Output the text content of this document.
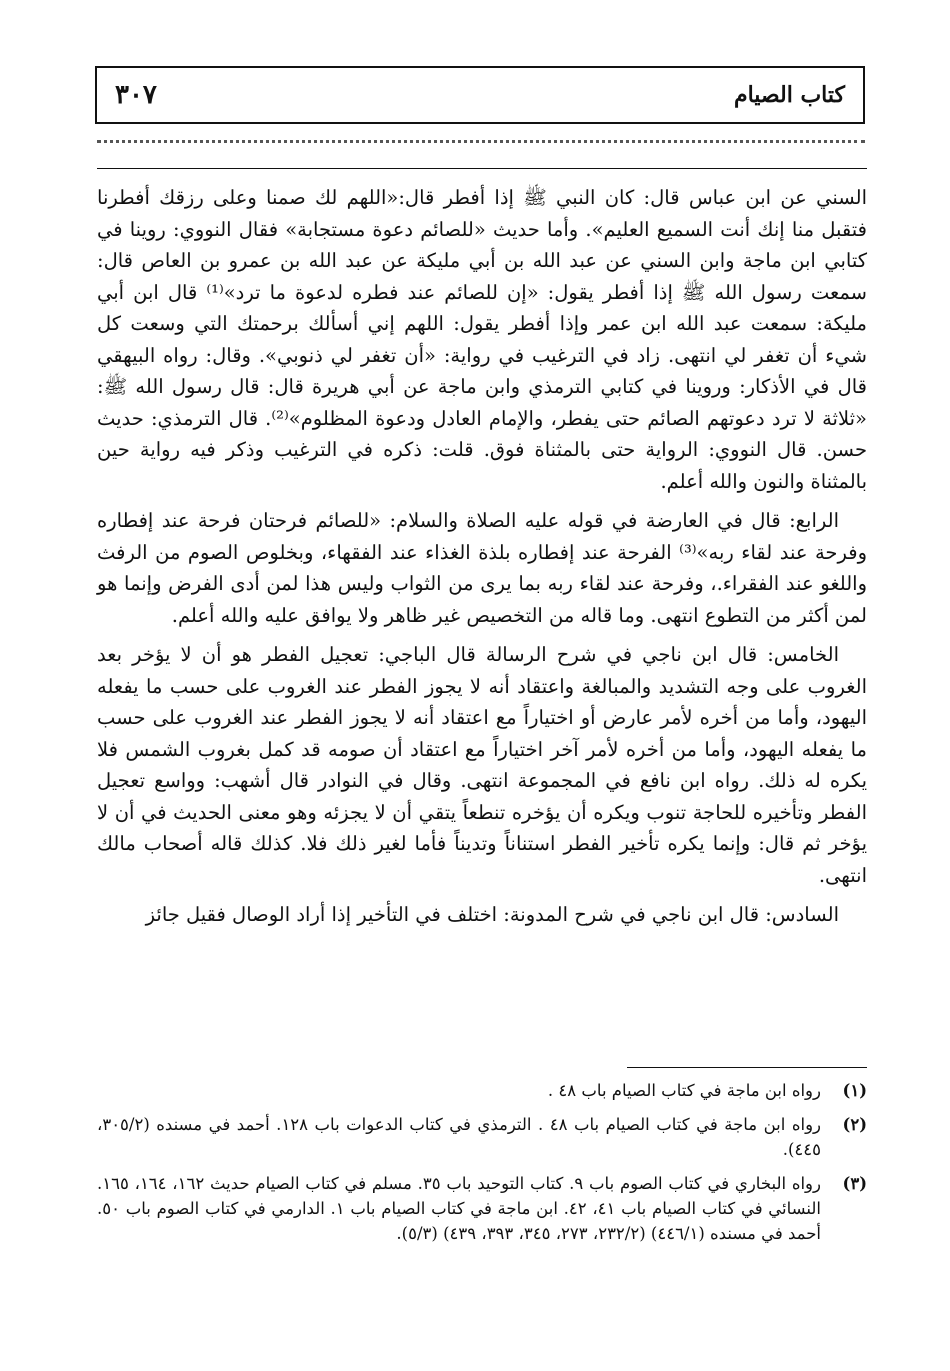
كتاب الصيام
٣٠٧

السني عن ابن عباس قال: كان النبي ﷺ إذا أفطر قال:«اللهم لك صمنا وعلى رزقك أفطرنا فتقبل منا إنك أنت السميع العليم». وأما حديث «للصائم دعوة مستجابة» فقال النووي: روينا في كتابي ابن ماجة وابن السني عن عبد الله بن أبي مليكة عن عبد الله بن عمرو بن العاص قال: سمعت رسول الله ﷺ إذا أفطر يقول: «إن للصائم عند فطره لدعوة ما ترد»⁽¹⁾ قال ابن أبي مليكة: سمعت عبد الله ابن عمر وإذا أفطر يقول: اللهم إني أسألك برحمتك التي وسعت كل شيء أن تغفر لي انتهى. زاد في الترغيب في رواية: «أن تغفر لي ذنوبي». وقال: رواه البيهقي قال في الأذكار: وروينا في كتابي الترمذي وابن ماجة عن أبي هريرة قال: قال رسول الله ﷺ: «ثلاثة لا ترد دعوتهم الصائم حتى يفطر، والإمام العادل ودعوة المظلوم»⁽²⁾. قال الترمذي: حديث حسن. قال النووي: الرواية حتى بالمثناة فوق. قلت: ذكره في الترغيب وذكر فيه رواية حين بالمثناة والنون والله أعلم.

الرابع: قال في العارضة في قوله عليه الصلاة والسلام: «للصائم فرحتان فرحة عند إفطاره وفرحة عند لقاء ربه»⁽³⁾ الفرحة عند إفطاره بلذة الغذاء عند الفقهاء، وبخلوص الصوم من الرفث واللغو عند الفقراء.، وفرحة عند لقاء ربه بما يرى من الثواب وليس هذا لمن أدى الفرض وإنما هو لمن أكثر من التطوع انتهى. وما قاله من التخصيص غير ظاهر ولا يوافق عليه والله أعلم.

الخامس: قال ابن ناجي في شرح الرسالة قال الباجي: تعجيل الفطر هو أن لا يؤخر بعد الغروب على وجه التشديد والمبالغة واعتقاد أنه لا يجوز الفطر عند الغروب على حسب ما يفعله اليهود، وأما من أخره لأمر عارض أو اختياراً مع اعتقاد أنه لا يجوز الفطر عند الغروب على حسب ما يفعله اليهود، وأما من أخره لأمر آخر اختياراً مع اعتقاد أن صومه قد كمل بغروب الشمس فلا يكره له ذلك. رواه ابن نافع في المجموعة انتهى. وقال في النوادر قال أشهب: وواسع تعجيل الفطر وتأخيره للحاجة تنوب ويكره أن يؤخره تنطعاً يتقي أن لا يجزئه وهو معنى الحديث في أن لا يؤخر ثم قال: وإنما يكره تأخير الفطر استناناً وتديناً فأما لغير ذلك فلا. كذلك قاله أصحاب مالك انتهى.

السادس: قال ابن ناجي في شرح المدونة: اختلف في التأخير إذا أراد الوصال فقيل جائز

(١)
رواه ابن ماجة في كتاب الصيام باب ٤٨ .
(٢)
رواه ابن ماجة في كتاب الصيام باب ٤٨ . الترمذي في كتاب الدعوات باب ١٢٨. أحمد في مسنده (٣٠٥/٢، ٤٤٥).
(٣)
رواه البخاري في كتاب الصوم باب ٩. كتاب التوحيد باب ٣٥. مسلم في كتاب الصيام حديث ١٦٢، ١٦٤، ١٦٥. النسائي في كتاب الصيام باب ٤١، ٤٢. ابن ماجة في كتاب الصيام باب ١. الدارمي في كتاب الصوم باب ٥٠. أحمد في مسنده (٤٤٦/١) (٢٣٢/٢، ٢٧٣، ٣٤٥، ٣٩٣، ٤٣٩) (٥/٣).
